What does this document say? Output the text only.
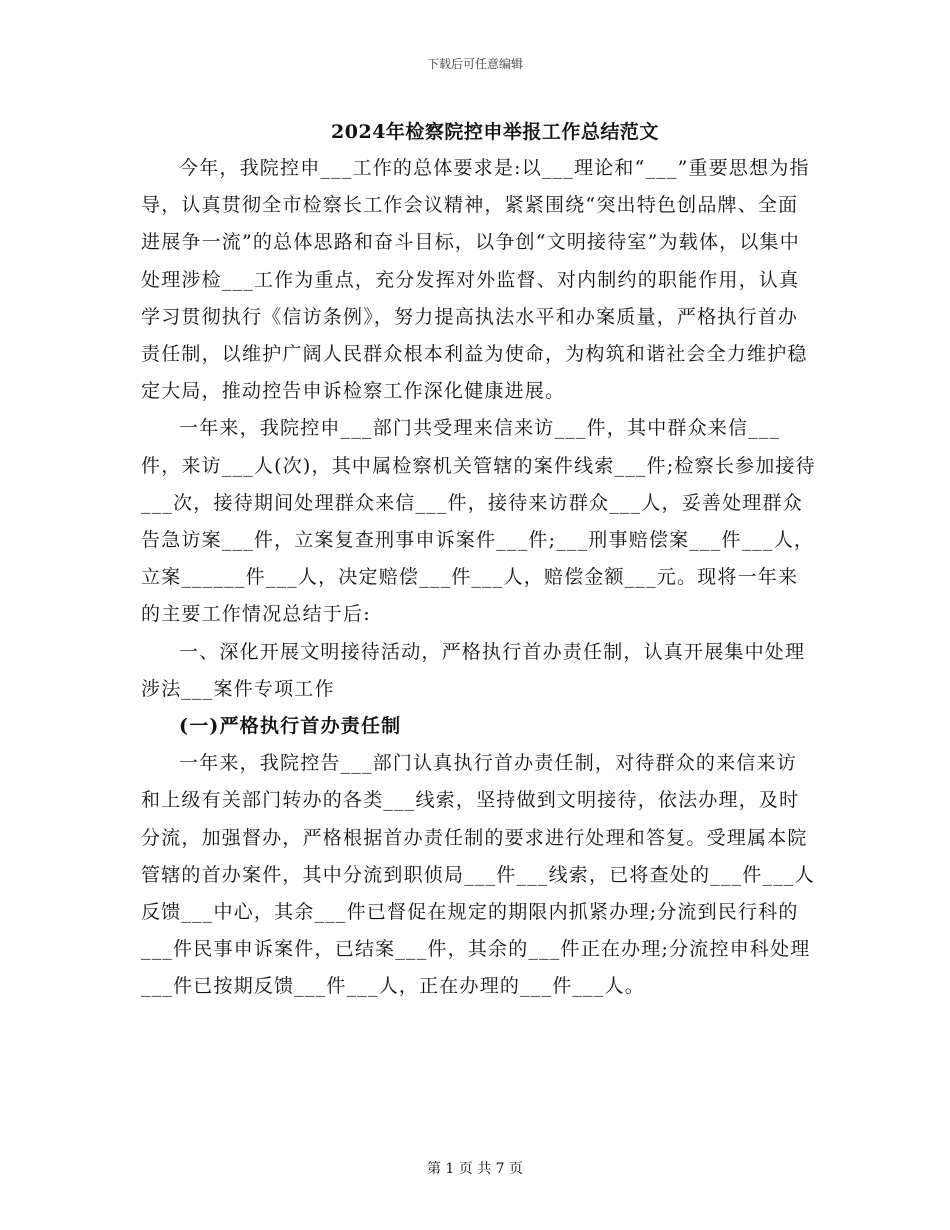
下载后可任意编辑
2024年检察院控申举报工作总结范文

今年，我院控申___工作的总体要求是:以___理论和“___”重要思想为指导，认真贯彻全市检察长工作会议精神，紧紧围绕“突出特色创品牌、全面进展争一流”的总体思路和奋斗目标，以争创“文明接待室”为载体，以集中处理涉检___工作为重点，充分发挥对外监督、对内制约的职能作用，认真学习贯彻执行《信访条例》，努力提高执法水平和办案质量，严格执行首办责任制，以维护广阔人民群众根本利益为使命，为构筑和谐社会全力维护稳定大局，推动控告申诉检察工作深化健康进展。

一年来，我院控申___部门共受理来信来访___件，其中群众来信___件，来访___人(次)，其中属检察机关管辖的案件线索___件;检察长参加接待___次，接待期间处理群众来信___件，接待来访群众___人，妥善处理群众告急访案___件，立案复查刑事申诉案件___件;___刑事赔偿案___件___人，立案______件___人，决定赔偿___件___人，赔偿金额___元。现将一年来的主要工作情况总结于后:

一、深化开展文明接待活动，严格执行首办责任制，认真开展集中处理涉法___案件专项工作

(一)严格执行首办责任制

一年来，我院控告___部门认真执行首办责任制，对待群众的来信来访和上级有关部门转办的各类___线索，坚持做到文明接待，依法办理，及时分流，加强督办，严格根据首办责任制的要求进行处理和答复。受理属本院管辖的首办案件，其中分流到职侦局___件___线索，已将查处的___件___人反馈___中心，其余___件已督促在规定的期限内抓紧办理;分流到民行科的___件民事申诉案件，已结案___件，其余的___件正在办理;分流控申科处理___件已按期反馈___件___人，正在办理的___件___人。

第 1 页 共 7 页
